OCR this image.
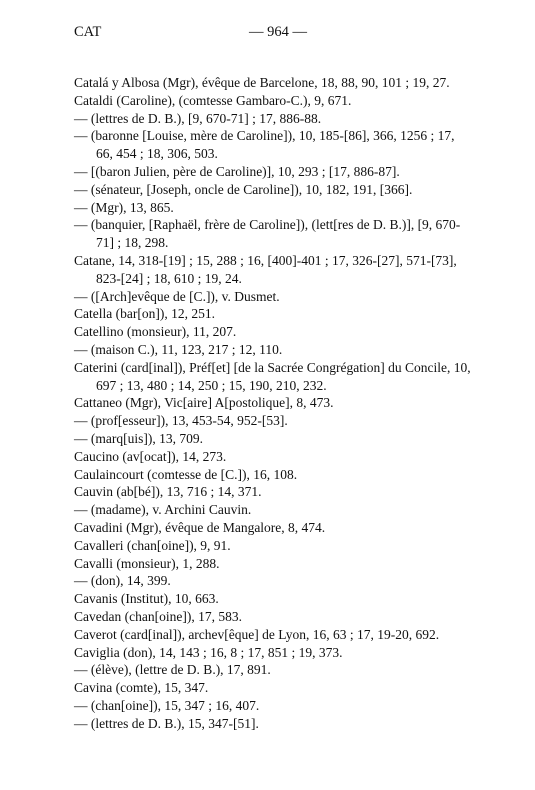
CAT	— 964 —

Catalá y Albosa (Mgr), évêque de Barcelone, 18, 88, 90, 101 ; 19, 27.

Cataldi (Caroline), (comtesse Gambaro-C.), 9, 671.

— (lettres de D. B.), [9, 670-71] ; 17, 886-88.

— (baronne [Louise, mère de Caroline]), 10, 185-[86], 366, 1256 ; 17, 66, 454 ; 18, 306, 503.

— [(baron Julien, père de Caroline)], 10, 293 ; [17, 886-87].

— (sénateur, [Joseph, oncle de Caroline]), 10, 182, 191, [366].

— (Mgr), 13, 865.

— (banquier, [Raphaël, frère de Caroline]), (lett[res de D. B.)], [9, 670-71] ; 18, 298.

Catane, 14, 318-[19] ; 15, 288 ; 16, [400]-401 ; 17, 326-[27], 571-[73], 823-[24] ; 18, 610 ; 19, 24.

— ([Arch]evêque de [C.]), v. Dusmet.

Catella (bar[on]), 12, 251.

Catellino (monsieur), 11, 207.

— (maison C.), 11, 123, 217 ; 12, 110.

Caterini (card[inal]), Préf[et] [de la Sacrée Congrégation] du Concile, 10, 697 ; 13, 480 ; 14, 250 ; 15, 190, 210, 232.

Cattaneo (Mgr), Vic[aire] A[postolique], 8, 473.

— (prof[esseur]), 13, 453-54, 952-[53].

— (marq[uis]), 13, 709.

Caucino (av[ocat]), 14, 273.

Caulaincourt (comtesse de [C.]), 16, 108.

Cauvin (ab[bé]), 13, 716 ; 14, 371.

— (madame), v. Archini Cauvin.

Cavadini (Mgr), évêque de Mangalore, 8, 474.

Cavalleri (chan[oine]), 9, 91.

Cavalli (monsieur), 1, 288.

— (don), 14, 399.

Cavanis (Institut), 10, 663.

Cavedan (chan[oine]), 17, 583.

Caverot (card[inal]), archev[êque] de Lyon, 16, 63 ; 17, 19-20, 692.

Caviglia (don), 14, 143 ; 16, 8 ; 17, 851 ; 19, 373.

— (élève), (lettre de D. B.), 17, 891.

Cavina (comte), 15, 347.

— (chan[oine]), 15, 347 ; 16, 407.

— (lettres de D. B.), 15, 347-[51].
